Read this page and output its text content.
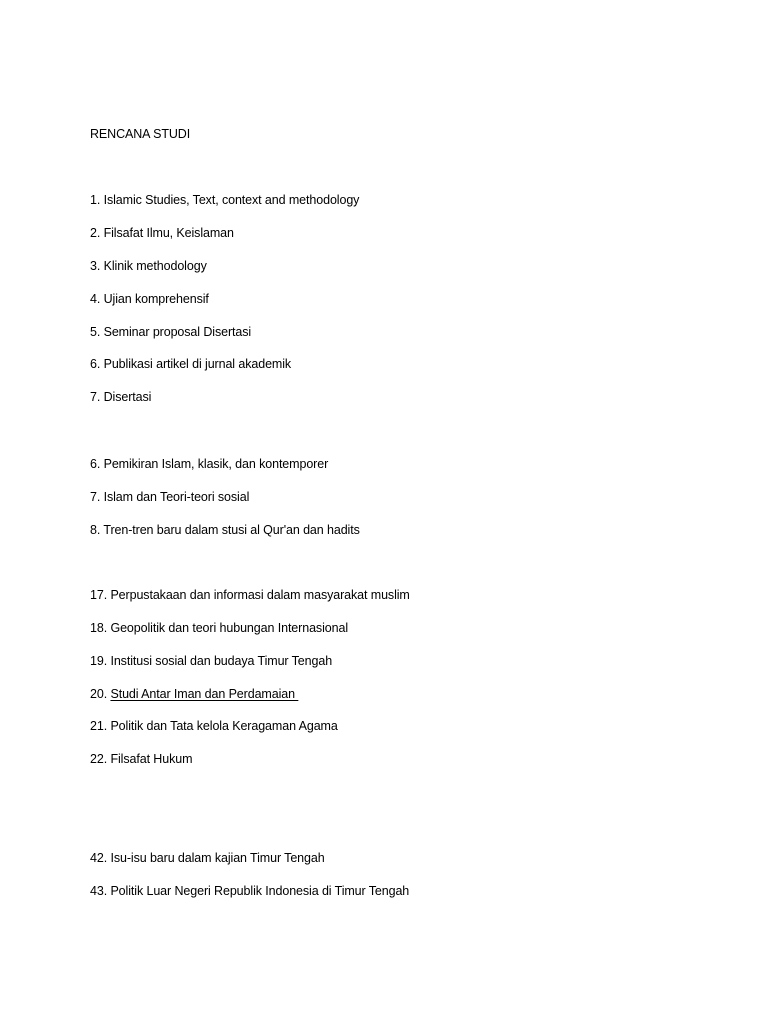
RENCANA STUDI
1. Islamic Studies, Text, context and methodology
2. Filsafat Ilmu, Keislaman
3. Klinik methodology
4. Ujian komprehensif
5. Seminar proposal Disertasi
6. Publikasi artikel di jurnal akademik
7. Disertasi
6. Pemikiran Islam, klasik, dan kontemporer
7. Islam dan Teori-teori sosial
8. Tren-tren baru dalam stusi al Qur'an dan hadits
17. Perpustakaan dan informasi dalam masyarakat muslim
18. Geopolitik dan teori hubungan Internasional
19. Institusi sosial dan budaya Timur Tengah
20. Studi Antar Iman dan Perdamaian
21. Politik dan Tata kelola Keragaman Agama
22. Filsafat Hukum
42. Isu-isu baru dalam kajian Timur Tengah
43. Politik Luar Negeri Republik Indonesia di Timur Tengah
